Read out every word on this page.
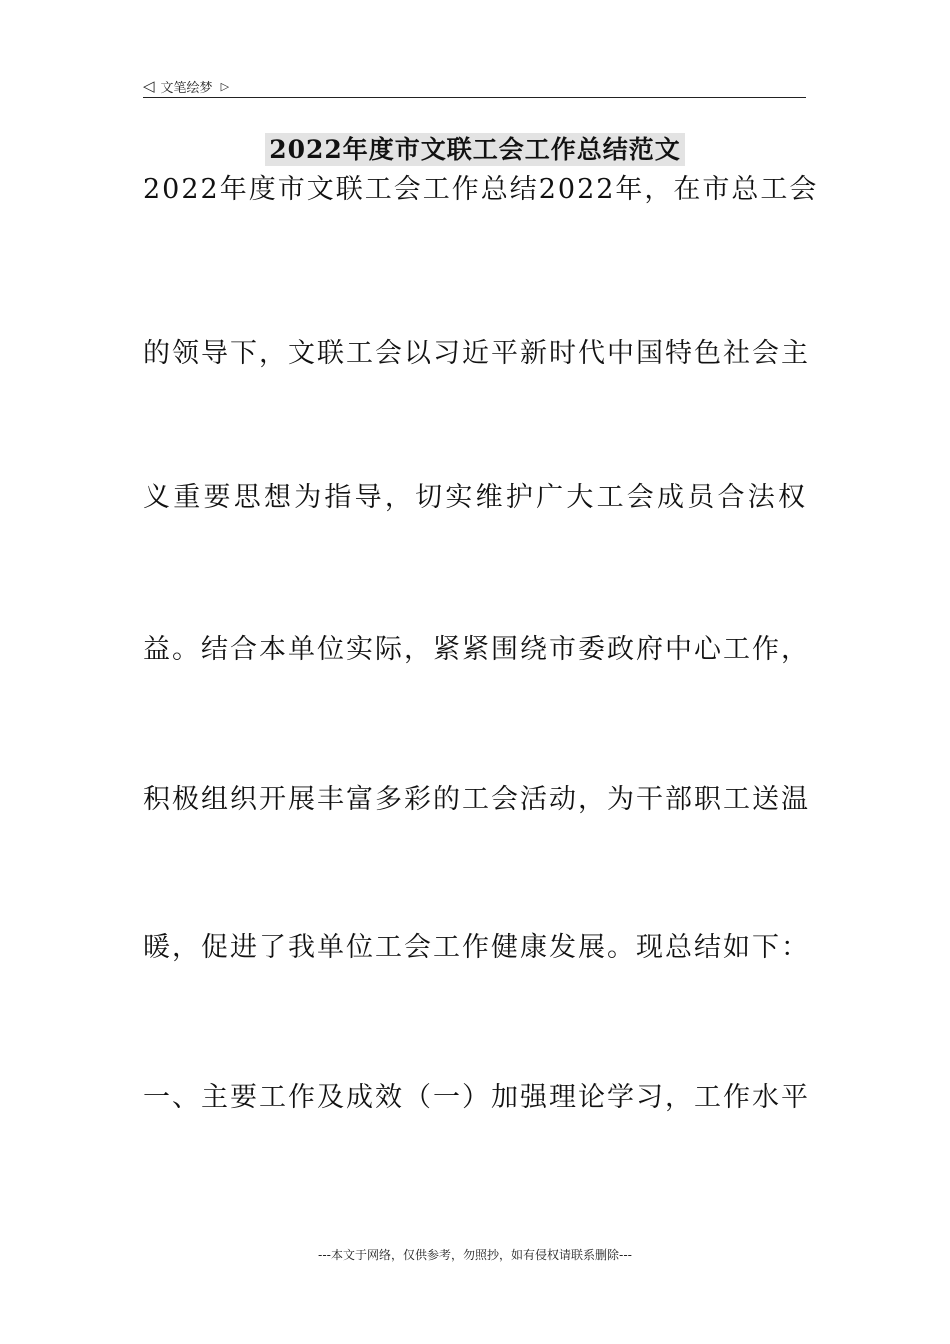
◁ 文笔绘梦 ▷
2022年度市文联工会工作总结范文
2022年度市文联工会工作总结2022年，在市总工会
的领导下，文联工会以习近平新时代中国特色社会主
义重要思想为指导，切实维护广大工会成员合法权
益。结合本单位实际，紧紧围绕市委政府中心工作，
积极组织开展丰富多彩的工会活动，为干部职工送温
暖，促进了我单位工会工作健康发展。现总结如下：
一、主要工作及成效（一）加强理论学习，工作水平
---本文于网络，仅供参考，勿照抄，如有侵权请联系删除---
